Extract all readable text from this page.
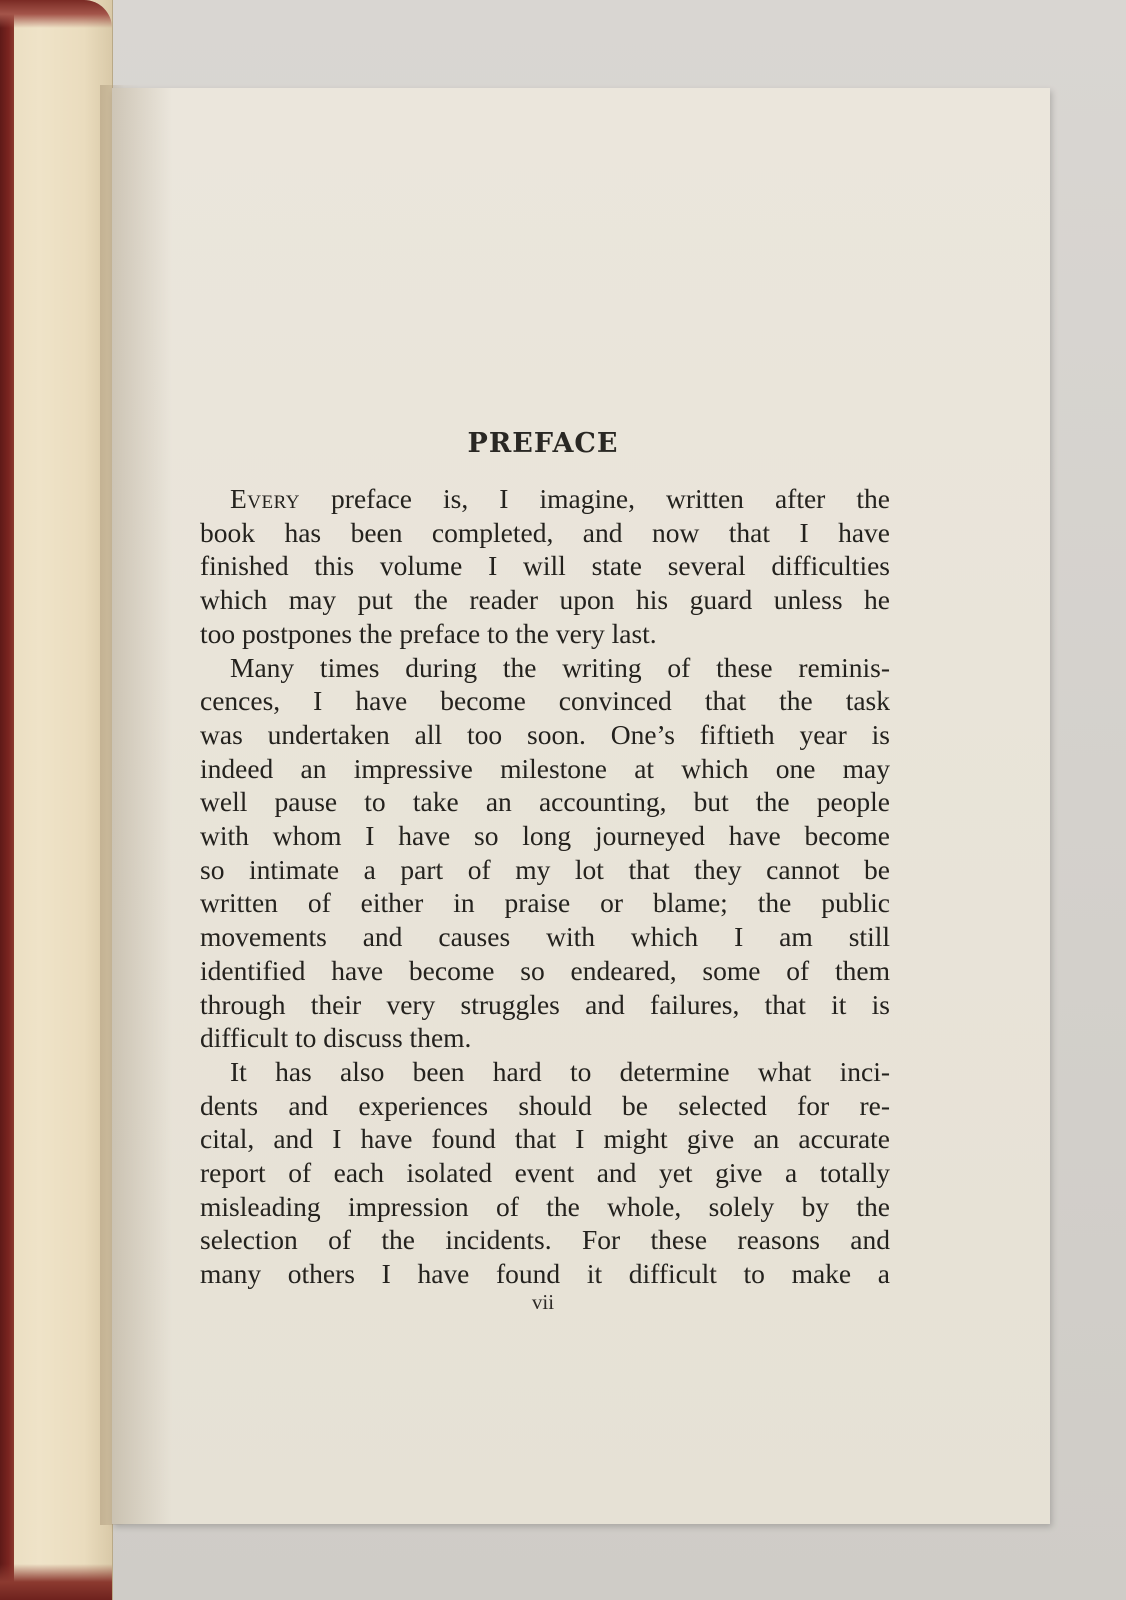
PREFACE
Every preface is, I imagine, written after the
book has been completed, and now that I have
finished this volume I will state several difficulties
which may put the reader upon his guard unless he
too postpones the preface to the very last.
Many times during the writing of these reminis-
cences, I have become convinced that the task
was undertaken all too soon. One’s fiftieth year is
indeed an impressive milestone at which one may
well pause to take an accounting, but the people
with whom I have so long journeyed have become
so intimate a part of my lot that they cannot be
written of either in praise or blame; the public
movements and causes with which I am still
identified have become so endeared, some of them
through their very struggles and failures, that it is
difficult to discuss them.
It has also been hard to determine what inci-
dents and experiences should be selected for re-
cital, and I have found that I might give an accurate
report of each isolated event and yet give a totally
misleading impression of the whole, solely by the
selection of the incidents. For these reasons and
many others I have found it difficult to make a
vii
